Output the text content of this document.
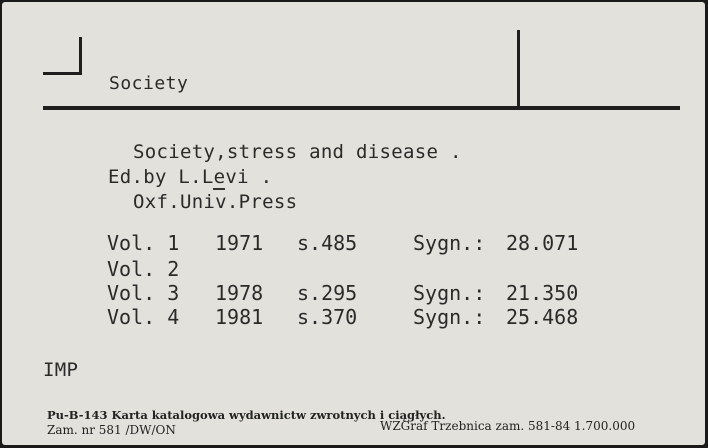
Society
Society,stress and disease .
Ed.by L.Levi .
Oxf.Univ.Press
Vol. 1 1971 s.485	Sygn.: 28.071
Vol. 2
Vol. 3 1978 s.295	Sygn.: 21.350
Vol. 4 1981 s.370	Sygn.: 25.468
IMP
Pu-B-143 Karta katalogowa wydawnictw zwrotnych i ciągłych.
Zam. nr 581 /DW/ON	WZGraf Trzebnica zam. 581-84 1.700.000
